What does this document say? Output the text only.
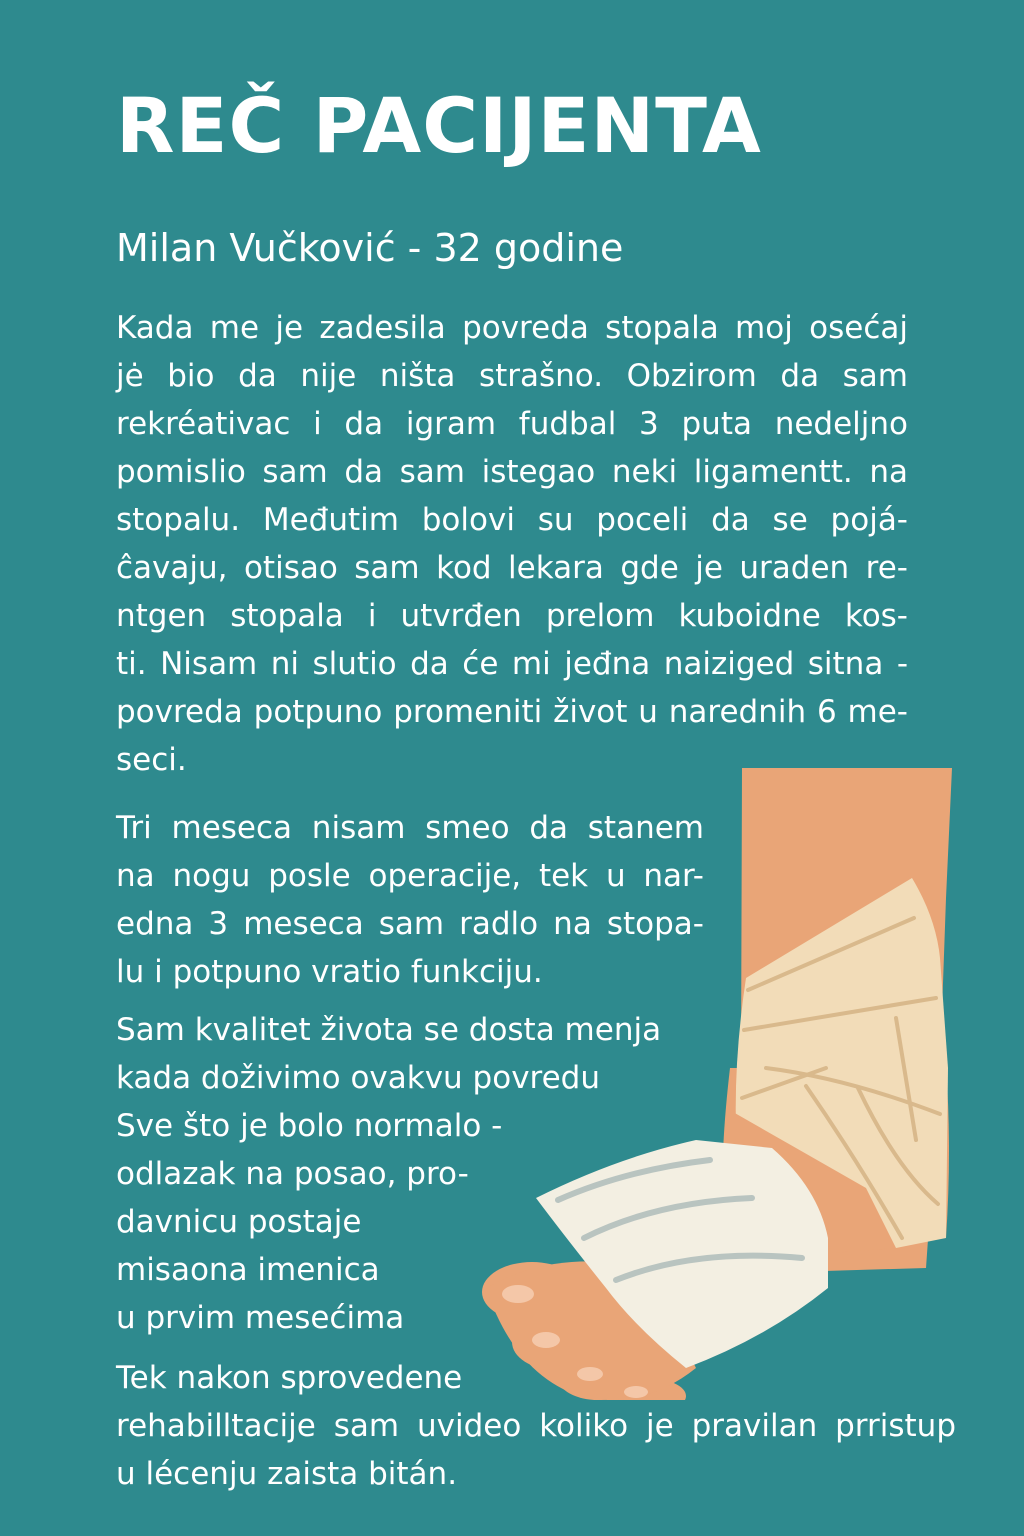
REČ PACIJENTA
Milan Vučković - 32 godine
Kada me je zadesila povreda stopala moj osećaj
jė bio da nije ništa strašno. Obzirom da sam
rekréativac i da igram fudbal 3 puta nedeljno
pomislio sam da sam istegao neki ligamentt. na
stopalu. Međutim bolovi su poceli da se pojá-
ĉavaju, otisao sam kod lekara gde je uraden re-
ntgen stopala i utvrđen prelom kuboidne kos-
ti. Nisam ni slutio da će mi jeđna naiziged sitna -
povreda potpuno promeniti život u narednih 6 me-
seci.
Tri meseca nisam smeo da stanem
na nogu posle operacije, tek u nar-
edna 3 meseca sam radlo na stopa-
lu i potpuno vratio funkciju.
Sam kvalitet života se dosta menja
kada doživimo ovakvu povredu
Sve što je bolo normalo -
odlazak na posao, pro-
davnicu postaje
misaona imenica
u prvim mesećima
Tek nakon sprovedene
rehabilltacije sam uvideo koliko je pravilan prristup
u lécenju zaista bitán.
